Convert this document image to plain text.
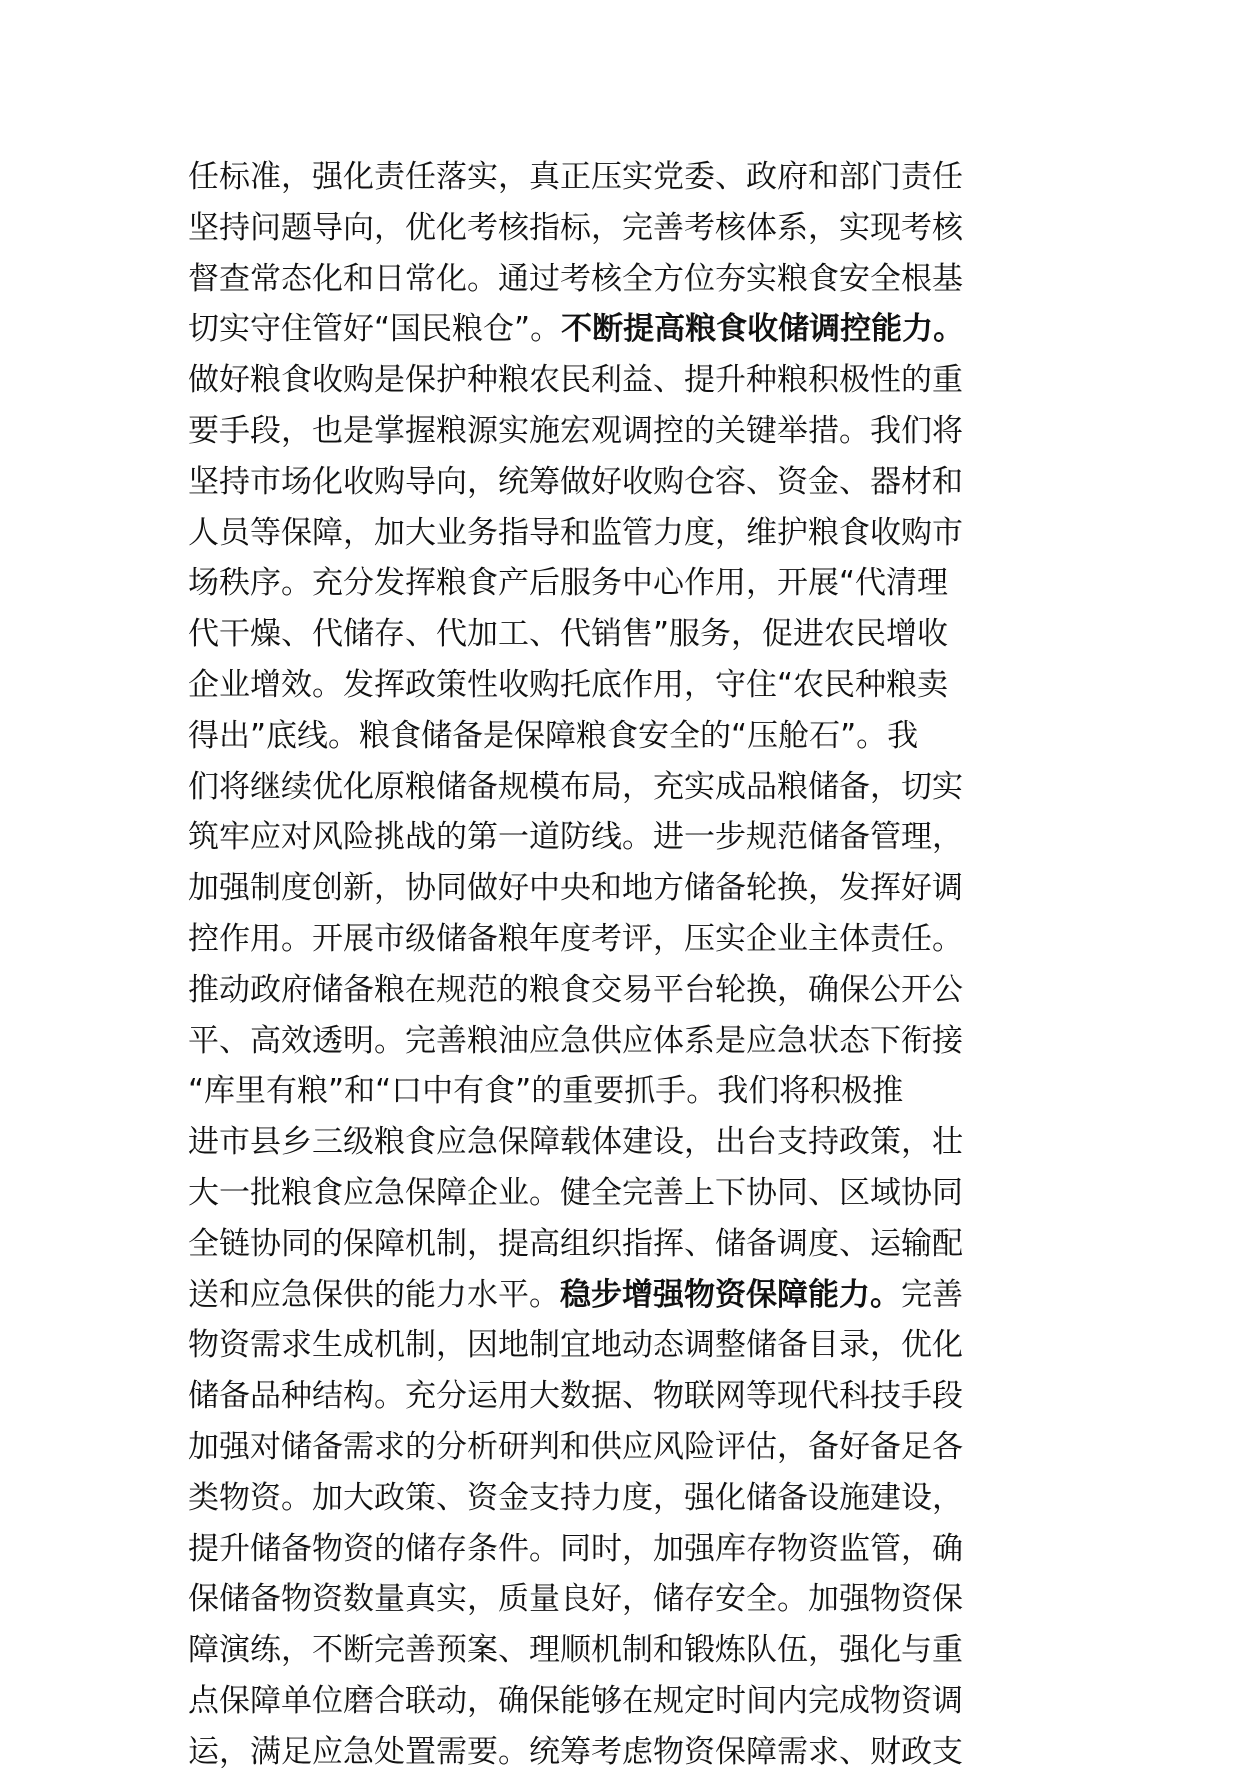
任标准，强化责任落实，真正压实党委、政府和部门责任
坚持问题导向，优化考核指标，完善考核体系，实现考核
督查常态化和日常化。通过考核全方位夯实粮食安全根基
切实守住管好“国民粮仓”。不断提高粮食收储调控能力。
做好粮食收购是保护种粮农民利益、提升种粮积极性的重
要手段，也是掌握粮源实施宏观调控的关键举措。我们将
坚持市场化收购导向，统筹做好收购仓容、资金、器材和
人员等保障，加大业务指导和监管力度，维护粮食收购市
场秩序。充分发挥粮食产后服务中心作用，开展“代清理
代干燥、代储存、代加工、代销售”服务，促进农民增收
企业增效。发挥政策性收购托底作用，守住“农民种粮卖
得出”底线。粮食储备是保障粮食安全的“压舱石”。我
们将继续优化原粮储备规模布局，充实成品粮储备，切实
筑牢应对风险挑战的第一道防线。进一步规范储备管理，
加强制度创新，协同做好中央和地方储备轮换，发挥好调
控作用。开展市级储备粮年度考评，压实企业主体责任。
推动政府储备粮在规范的粮食交易平台轮换，确保公开公
平、高效透明。完善粮油应急供应体系是应急状态下衔接
“库里有粮”和“口中有食”的重要抓手。我们将积极推
进市县乡三级粮食应急保障载体建设，出台支持政策，壮
大一批粮食应急保障企业。健全完善上下协同、区域协同
全链协同的保障机制，提高组织指挥、储备调度、运输配
送和应急保供的能力水平。稳步增强物资保障能力。完善
物资需求生成机制，因地制宜地动态调整储备目录，优化
储备品种结构。充分运用大数据、物联网等现代科技手段
加强对储备需求的分析研判和供应风险评估，备好备足各
类物资。加大政策、资金支持力度，强化储备设施建设，
提升储备物资的储存条件。同时，加强库存物资监管，确
保储备物资数量真实，质量良好，储存安全。加强物资保
障演练，不断完善预案、理顺机制和锻炼队伍，强化与重
点保障单位磨合联动，确保能够在规定时间内完成物资调
运，满足应急处置需要。统筹考虑物资保障需求、财政支
